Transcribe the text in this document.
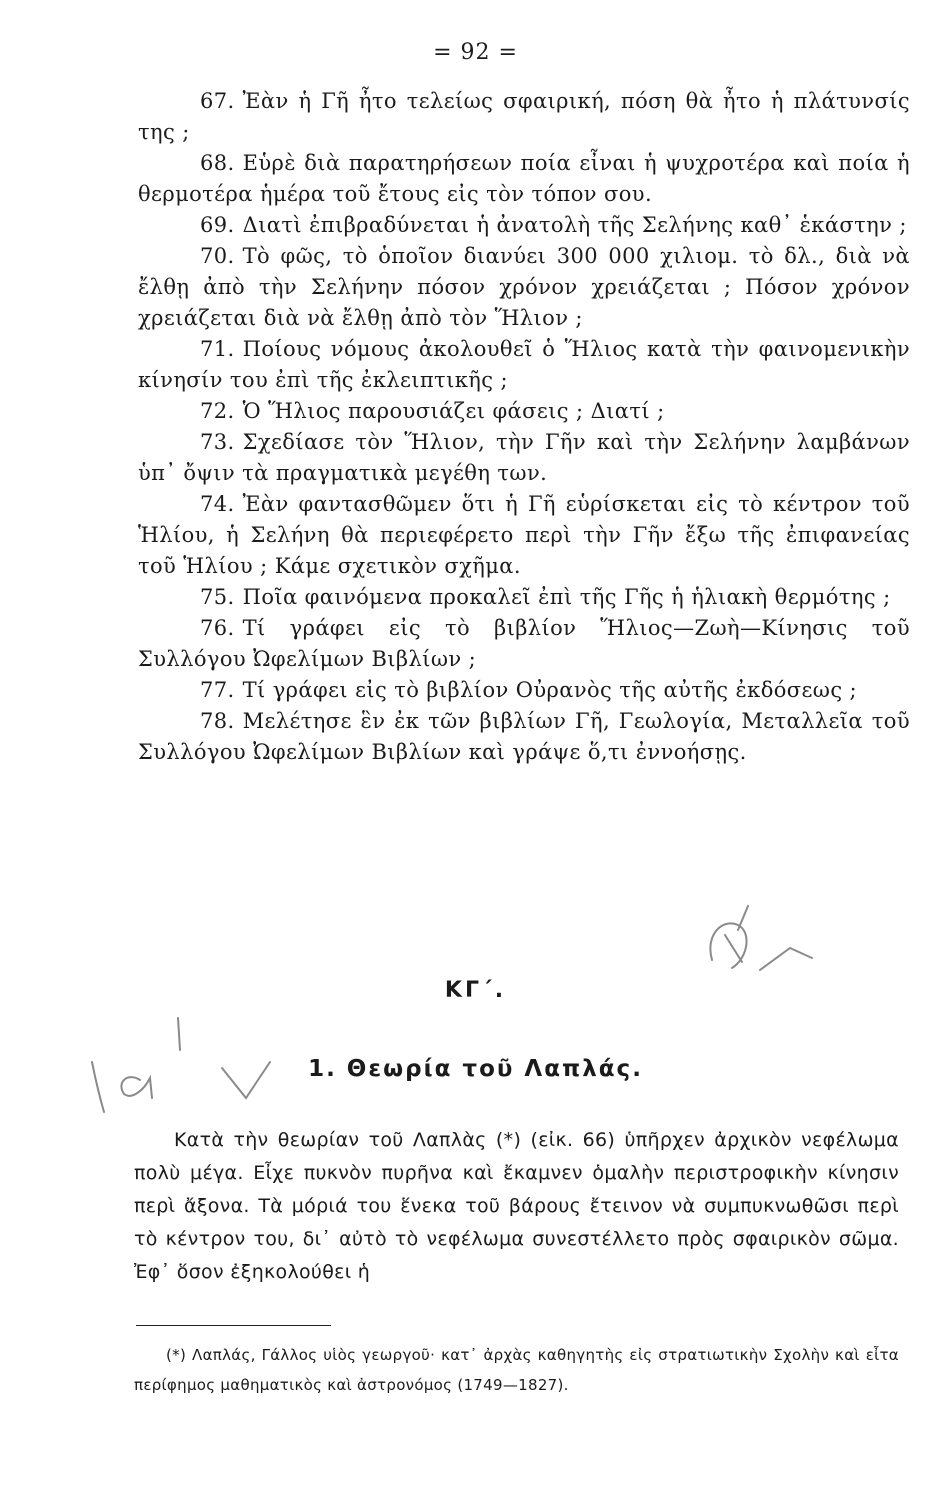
= 92 =

67. Ἐὰν ἡ Γῆ ἦτο τελείως σφαιρική, πόση θὰ ἦτο ἡ πλάτυνσίς της ;

68. Εὑρὲ διὰ παρατηρήσεων ποία εἶναι ἡ ψυχροτέρα καὶ ποία ἡ θερμοτέρα ἡμέρα τοῦ ἔτους εἰς τὸν τόπον σου.

69. Διατὶ ἐπιβραδύνεται ἡ ἀνατολὴ τῆς Σελήνης καθ᾿ ἑκάστην ;

70. Τὸ φῶς, τὸ ὁποῖον διανύει 300 000 χιλιομ. τὸ δλ., διὰ νὰ ἔλθῃ ἀπὸ τὴν Σελήνην πόσον χρόνον χρειάζεται ; Πόσον χρόνον χρειάζεται διὰ νὰ ἔλθῃ ἀπὸ τὸν Ἥλιον ;

71. Ποίους νόμους ἀκολουθεῖ ὁ Ἥλιος κατὰ τὴν φαινομενικὴν κίνησίν του ἐπὶ τῆς ἐκλειπτικῆς ;

72. Ὁ Ἥλιος παρουσιάζει φάσεις ; Διατί ;

73. Σχεδίασε τὸν Ἥλιον, τὴν Γῆν καὶ τὴν Σελήνην λαμβάνων ὑπ᾿ ὄψιν τὰ πραγματικὰ μεγέθη των.

74. Ἐὰν φαντασθῶμεν ὅτι ἡ Γῆ εὑρίσκεται εἰς τὸ κέντρον τοῦ Ἡλίου, ἡ Σελήνη θὰ περιεφέρετο περὶ τὴν Γῆν ἔξω τῆς ἐπιφανείας τοῦ Ἡλίου ; Κάμε σχετικὸν σχῆμα.

75. Ποῖα φαινόμενα προκαλεῖ ἐπὶ τῆς Γῆς ἡ ἡλιακὴ θερμότης ;

76. Τί γράφει εἰς τὸ βιβλίον Ἥλιος—Ζωὴ—Κίνησις τοῦ Συλλόγου Ὠφελίμων Βιβλίων ;

77. Τί γράφει εἰς τὸ βιβλίον Οὐρανὸς τῆς αὐτῆς ἐκδόσεως ;

78. Μελέτησε ἓν ἐκ τῶν βιβλίων Γῆ, Γεωλογία, Μεταλλεῖα τοῦ Συλλόγου Ὠφελίμων Βιβλίων καὶ γράψε ὅ,τι ἐννοήσῃς.

ΚΓ΄.
1. Θεωρία τοῦ Λαπλάς.

Κατὰ τὴν θεωρίαν τοῦ Λαπλὰς (*) (εἰκ. 66) ὑπῆρχεν ἀρχικὸν νεφέλωμα πολὺ μέγα. Εἶχε πυκνὸν πυρῆνα καὶ ἔκαμνεν ὁμαλὴν περιστροφικὴν κίνησιν περὶ ἄξονα. Τὰ μόριά του ἕνεκα τοῦ βάρους ἔτεινον νὰ συμπυκνωθῶσι περὶ τὸ κέντρον του, δι᾿ αὐτὸ τὸ νεφέλωμα συνεστέλλετο πρὸς σφαιρικὸν σῶμα. Ἐφ᾿ ὅσον ἐξηκολούθει ἡ

(*) Λαπλάς, Γάλλος υἱὸς γεωργοῦ· κατ᾿ ἀρχὰς καθηγητὴς εἰς στρατιωτικὴν Σχολὴν καὶ εἶτα περίφημος μαθηματικὸς καὶ ἀστρονόμος (1749—1827).
